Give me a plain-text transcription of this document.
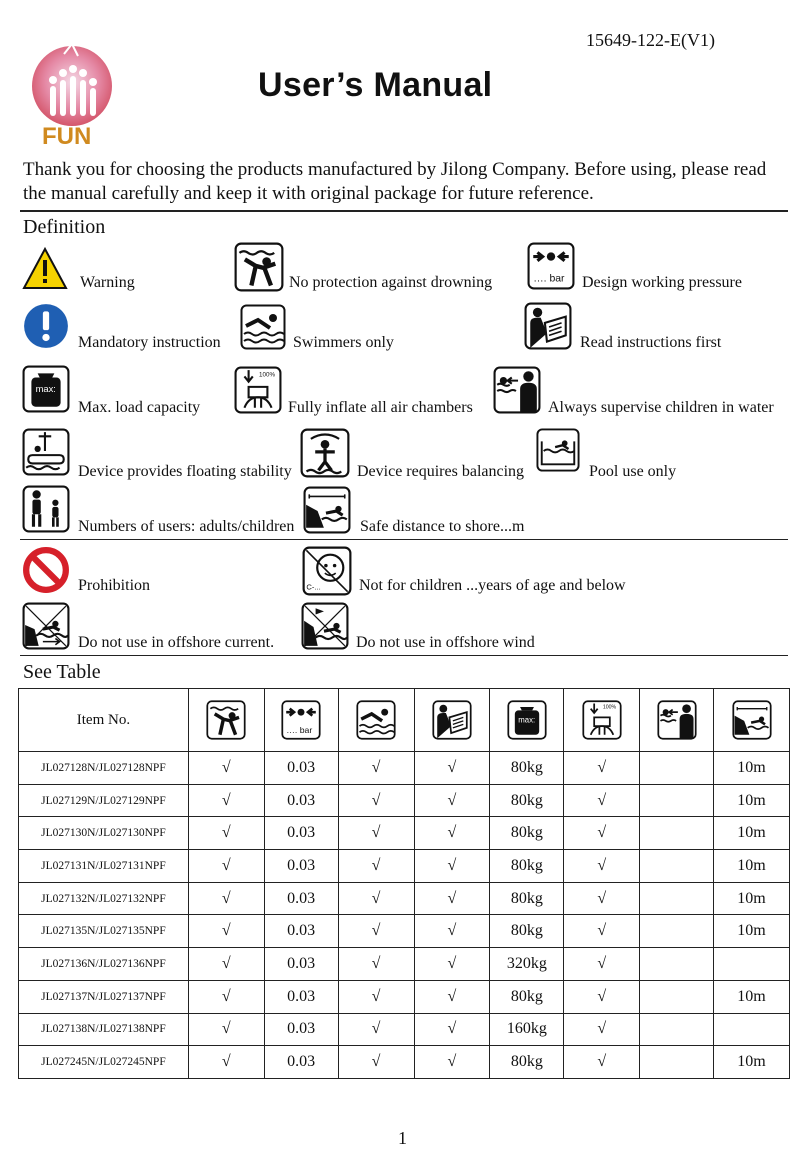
15649-122-E(V1)
User’s Manual
FUN
Thank you for choosing the products manufactured by Jilong Company. Before using, please read the manual carefully and keep it with original package for future reference.
Definition
Warning	No protection against drowning	…. bar Design working pressure
Mandatory instruction	Swimmers only	Read instructions first
max:
Max. load capacity
100%
Fully inflate all air chambers	Always supervise children in water
Device provides floating stability	Device requires balancing	Pool use only
Numbers of users: adults/children	Safe distance to shore...m
Prohibition	C-... Not for children ...years of age and below
Do not use in offshore current.	Do not use in offshore wind
See Table
Item No.		…. bar			max:	100%

JL027128N/JL027128NPF	√	0.03	√	√	80kg	√		10m
JL027129N/JL027129NPF	√	0.03	√	√	80kg	√		10m
JL027130N/JL027130NPF	√	0.03	√	√	80kg	√		10m
JL027131N/JL027131NPF	√	0.03	√	√	80kg	√		10m
JL027132N/JL027132NPF	√	0.03	√	√	80kg	√		10m
JL027135N/JL027135NPF	√	0.03	√	√	80kg	√		10m
JL027136N/JL027136NPF	√	0.03	√	√	320kg	√		
JL027137N/JL027137NPF	√	0.03	√	√	80kg	√		10m
JL027138N/JL027138NPF	√	0.03	√	√	160kg	√		
JL027245N/JL027245NPF	√	0.03	√	√	80kg	√		10m
1
